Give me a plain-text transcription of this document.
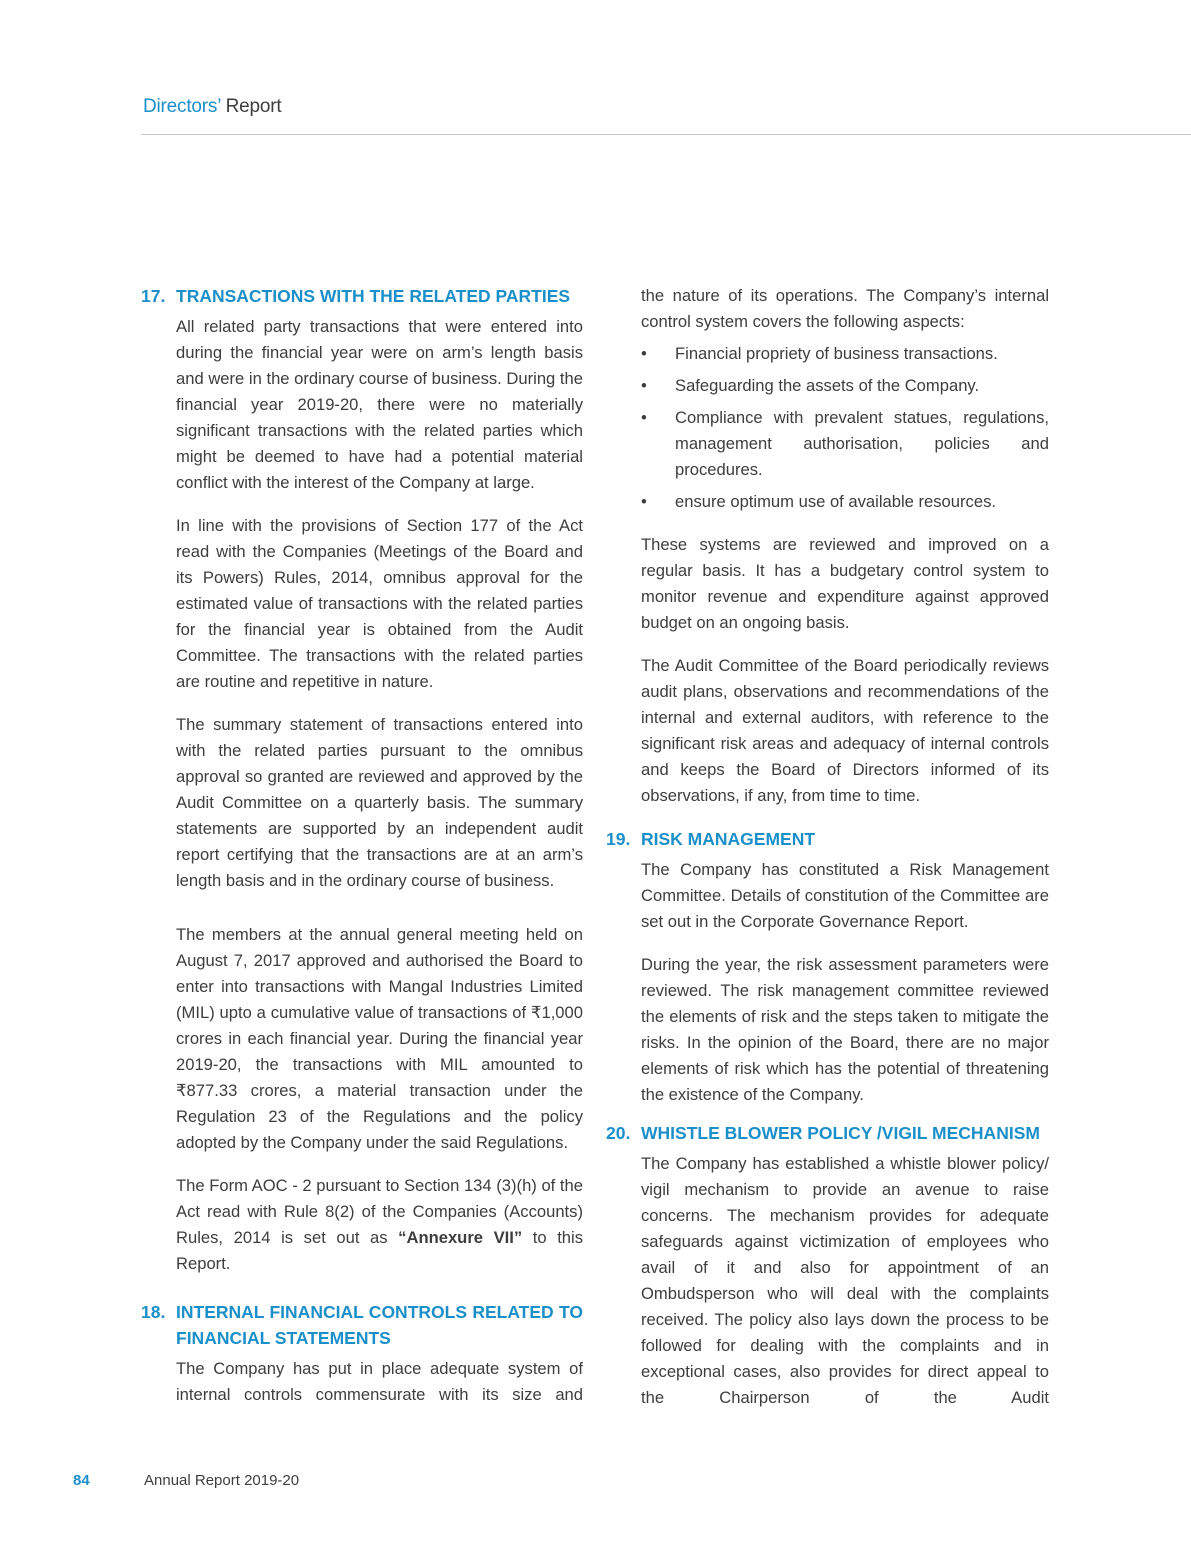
Directors’ Report
17. TRANSACTIONS WITH THE RELATED PARTIES

All related party transactions that were entered into during the financial year were on arm’s length basis and were in the ordinary course of business. During the financial year 2019-20, there were no materially significant transactions with the related parties which might be deemed to have had a potential material conflict with the interest of the Company at large.

In line with the provisions of Section 177 of the Act read with the Companies (Meetings of the Board and its Powers) Rules, 2014, omnibus approval for the estimated value of transactions with the related parties for the financial year is obtained from the Audit Committee. The transactions with the related parties are routine and repetitive in nature.

The summary statement of transactions entered into with the related parties pursuant to the omnibus approval so granted are reviewed and approved by the Audit Committee on a quarterly basis. The summary statements are supported by an independent audit report certifying that the transactions are at an arm’s length basis and in the ordinary course of business.

The members at the annual general meeting held on August 7, 2017 approved and authorised the Board to enter into transactions with Mangal Industries Limited (MIL) upto a cumulative value of transactions of ₹1,000 crores in each financial year. During the financial year 2019-20, the transactions with MIL amounted to ₹877.33 crores, a material transaction under the Regulation 23 of the Regulations and the policy adopted by the Company under the said Regulations.

The Form AOC - 2 pursuant to Section 134 (3)(h) of the Act read with Rule 8(2) of the Companies (Accounts) Rules, 2014 is set out as “Annexure VII” to this Report.

18. INTERNAL FINANCIAL CONTROLS RELATED TO FINANCIAL STATEMENTS

The Company has put in place adequate system of internal controls commensurate with its size and

the nature of its operations. The Company’s internal control system covers the following aspects:

• Financial propriety of business transactions.
• Safeguarding the assets of the Company.
• Compliance with prevalent statues, regulations, management authorisation, policies and procedures.
• ensure optimum use of available resources.

These systems are reviewed and improved on a regular basis. It has a budgetary control system to monitor revenue and expenditure against approved budget on an ongoing basis.

The Audit Committee of the Board periodically reviews audit plans, observations and recommendations of the internal and external auditors, with reference to the significant risk areas and adequacy of internal controls and keeps the Board of Directors informed of its observations, if any, from time to time.

19. RISK MANAGEMENT

The Company has constituted a Risk Management Committee. Details of constitution of the Committee are set out in the Corporate Governance Report.

During the year, the risk assessment parameters were reviewed. The risk management committee reviewed the elements of risk and the steps taken to mitigate the risks. In the opinion of the Board, there are no major elements of risk which has the potential of threatening the existence of the Company.

20. WHISTLE BLOWER POLICY /VIGIL MECHANISM

The Company has established a whistle blower policy/ vigil mechanism to provide an avenue to raise concerns. The mechanism provides for adequate safeguards against victimization of employees who avail of it and also for appointment of an Ombudsperson who will deal with the complaints received. The policy also lays down the process to be followed for dealing with the complaints and in exceptional cases, also provides for direct appeal to the Chairperson of the Audit

84	Annual Report 2019-20
